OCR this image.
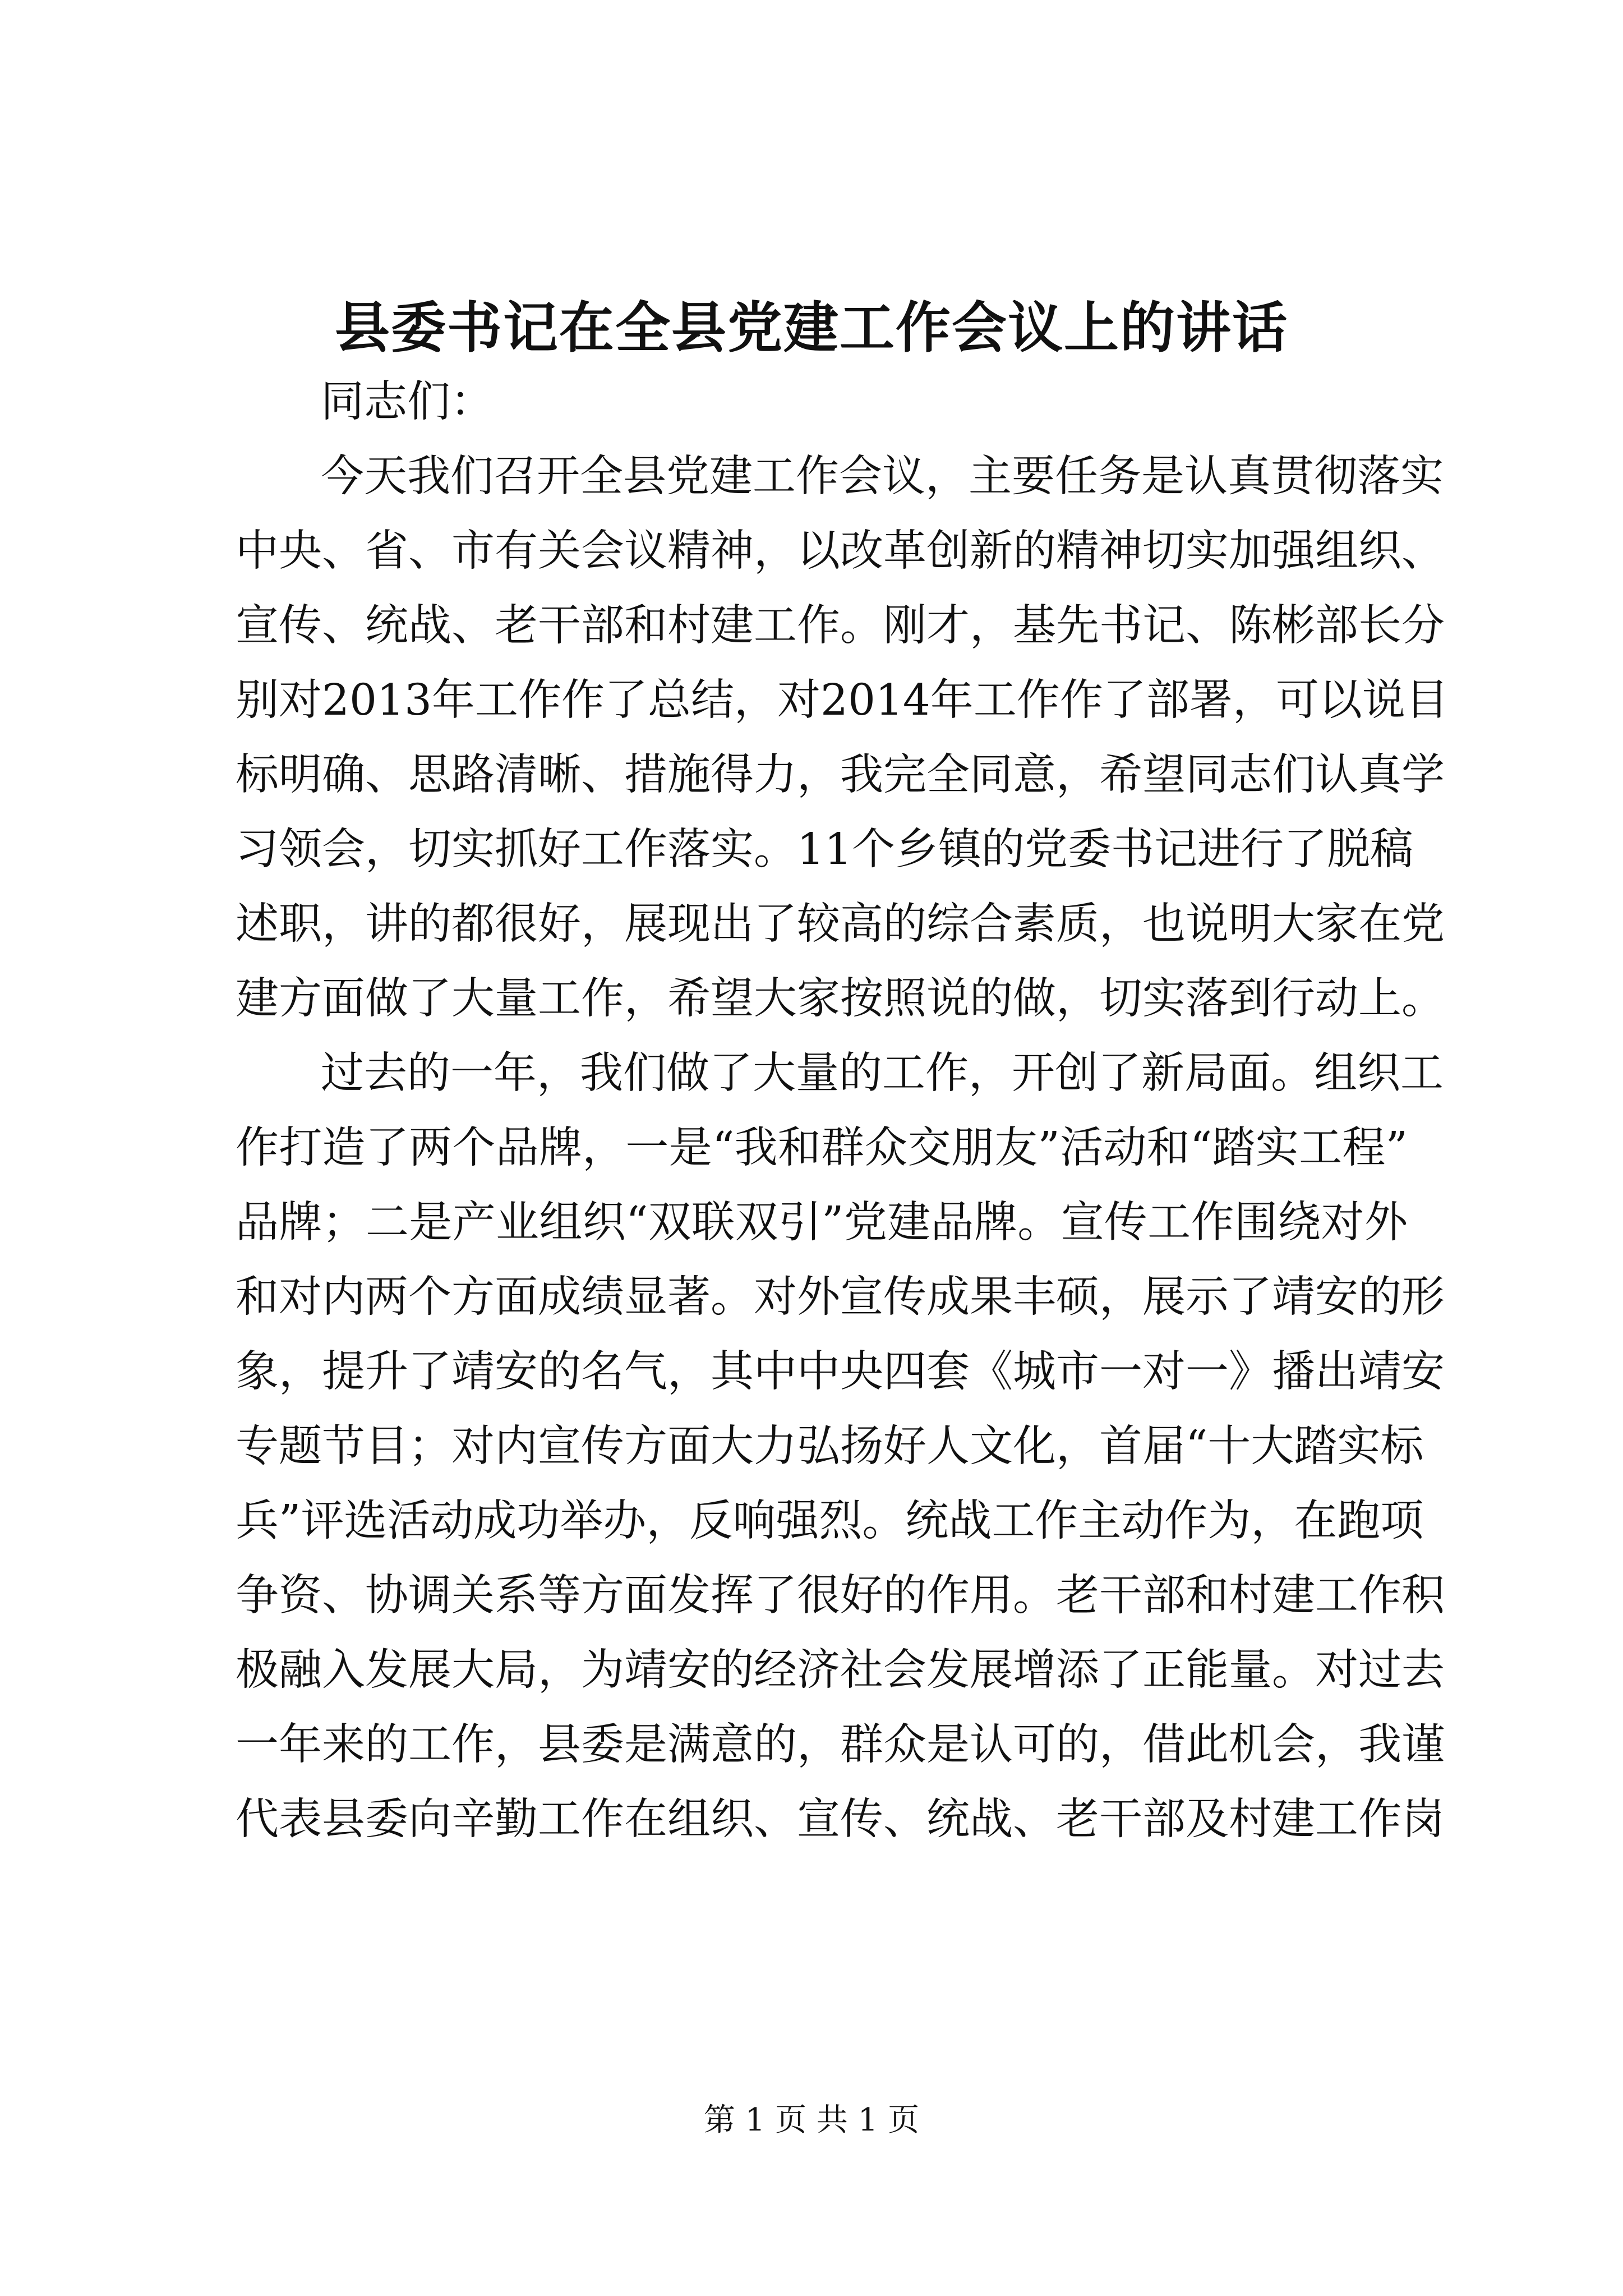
县委书记在全县党建工作会议上的讲话

同志们：

今天我们召开全县党建工作会议，主要任务是认真贯彻落实
中央、省、市有关会议精神，以改革创新的精神切实加强组织、
宣传、统战、老干部和村建工作。刚才，基先书记、陈彬部长分
别对2013年工作作了总结，对2014年工作作了部署，可以说目
标明确、思路清晰、措施得力，我完全同意，希望同志们认真学
习领会，切实抓好工作落实。11个乡镇的党委书记进行了脱稿
述职，讲的都很好，展现出了较高的综合素质，也说明大家在党
建方面做了大量工作，希望大家按照说的做，切实落到行动上。

过去的一年，我们做了大量的工作，开创了新局面。组织工
作打造了两个品牌，一是“我和群众交朋友”活动和“踏实工程”
品牌；二是产业组织“双联双引”党建品牌。宣传工作围绕对外
和对内两个方面成绩显著。对外宣传成果丰硕，展示了靖安的形
象，提升了靖安的名气，其中中央四套《城市一对一》播出靖安
专题节目；对内宣传方面大力弘扬好人文化，首届“十大踏实标
兵”评选活动成功举办，反响强烈。统战工作主动作为，在跑项
争资、协调关系等方面发挥了很好的作用。老干部和村建工作积
极融入发展大局，为靖安的经济社会发展增添了正能量。对过去
一年来的工作，县委是满意的，群众是认可的，借此机会，我谨
代表县委向辛勤工作在组织、宣传、统战、老干部及村建工作岗

第 1 页 共 1 页
